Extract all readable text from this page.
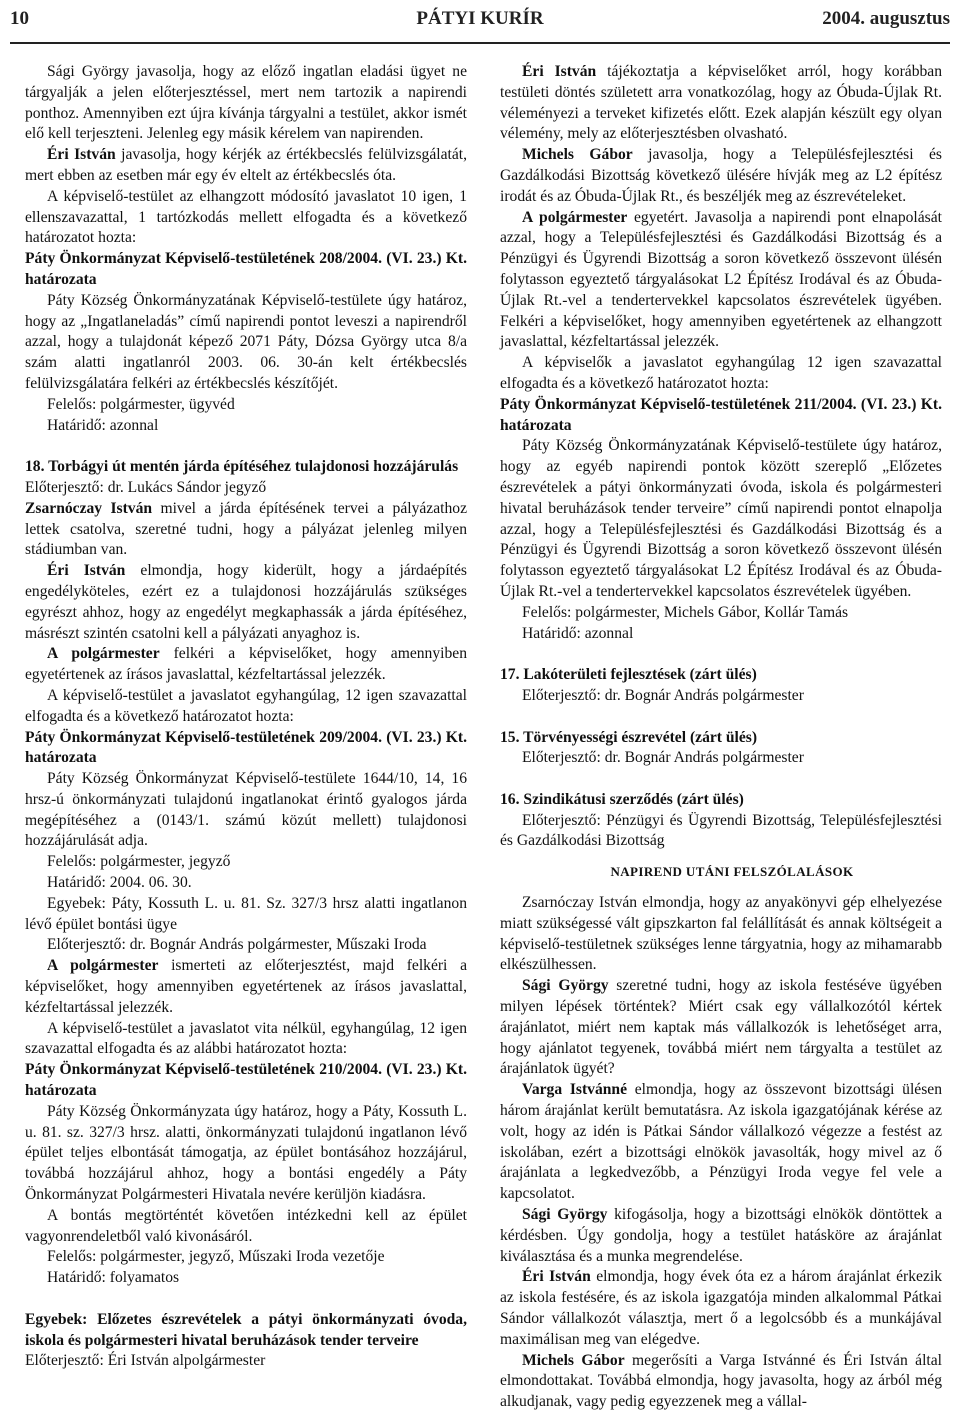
10	PÁTYI KURÍR	2004. augusztus

Sági György javasolja, hogy az előző ingatlan eladási ügyet ne tárgyalják a jelen előterjesztéssel, mert nem tartozik a napirendi ponthoz. Amennyiben ezt újra kívánja tárgyalni a testület, akkor ismét elő kell terjeszteni. Jelenleg egy másik kérelem van napirenden.

Éri István javasolja, hogy kérjék az értékbecslés felülvizsgálatát, mert ebben az esetben már egy év eltelt az értékbecslés óta.

A képviselő-testület az elhangzott módosító javaslatot 10 igen, 1 ellenszavazattal, 1 tartózkodás mellett elfogadta és a következő határozatot hozta:

Páty Önkormányzat Képviselő-testületének 208/2004. (VI. 23.) Kt. határozata

Páty Község Önkormányzatának Képviselő-testülete úgy határoz, hogy az „Ingatlaneladás” című napirendi pontot leveszi a napirendről azzal, hogy a tulajdonát képező 2071 Páty, Dózsa György utca 8/a szám alatti ingatlanról 2003. 06. 30-án kelt értékbecslés felülvizsgálatára felkéri az értékbecslés készítőjét.

Felelős: polgármester, ügyvéd

Határidő: azonnal

18. Torbágyi út mentén járda építéséhez tulajdonosi hozzájárulás

Előterjesztő: dr. Lukács Sándor jegyző

Zsarnóczay István mivel a járda építésének tervei a pályázathoz lettek csatolva, szeretné tudni, hogy a pályázat jelenleg milyen stádiumban van.

Éri István elmondja, hogy kiderült, hogy a járdaépítés engedélyköteles, ezért ez a tulajdonosi hozzájárulás szükséges egyrészt ahhoz, hogy az engedélyt megkaphassák a járda építéséhez, másrészt szintén csatolni kell a pályázati anyaghoz is.

A polgármester felkéri a képviselőket, hogy amennyiben egyetértenek az írásos javaslattal, kézfeltartással jelezzék.

A képviselő-testület a javaslatot egyhangúlag, 12 igen szavazattal elfogadta és a következő határozatot hozta:

Páty Önkormányzat Képviselő-testületének 209/2004. (VI. 23.) Kt. határozata

Páty Község Önkormányzat Képviselő-testülete 1644/10, 14, 16 hrsz-ú önkormányzati tulajdonú ingatlanokat érintő gyalogos járda megépítéséhez a (0143/1. számú közút mellett) tulajdonosi hozzájárulását adja.

Felelős: polgármester, jegyző

Határidő: 2004. 06. 30.

Egyebek: Páty, Kossuth L. u. 81. Sz. 327/3 hrsz alatti ingatlanon lévő épület bontási ügye

Előterjesztő: dr. Bognár András polgármester, Műszaki Iroda

A polgármester ismerteti az előterjesztést, majd felkéri a képviselőket, hogy amennyiben egyetértenek az írásos javaslattal, kézfeltartással jelezzék.

A képviselő-testület a javaslatot vita nélkül, egyhangúlag, 12 igen szavazattal elfogadta és az alábbi határozatot hozta:

Páty Önkormányzat Képviselő-testületének 210/2004. (VI. 23.) Kt. határozata

Páty Község Önkormányzata úgy határoz, hogy a Páty, Kossuth L. u. 81. sz. 327/3 hrsz. alatti, önkormányzati tulajdonú ingatlanon lévő épület teljes elbontását támogatja, az épület bontásához hozzájárul, továbbá hozzájárul ahhoz, hogy a bontási engedély a Páty Önkormányzat Polgármesteri Hivatala nevére kerüljön kiadásra.

A bontás megtörténtét követően intézkedni kell az épület vagyonrendeletből való kivonásáról.

Felelős: polgármester, jegyző, Műszaki Iroda vezetője

Határidő: folyamatos

Egyebek: Előzetes észrevételek a pátyi önkormányzati óvoda, iskola és polgármesteri hivatal beruházások tender terveire

Előterjesztő: Éri István alpolgármester

Éri István tájékoztatja a képviselőket arról, hogy korábban testületi döntés született arra vonatkozólag, hogy az Óbuda-Újlak Rt. véleményezi a terveket kifizetés előtt. Ezek alapján készült egy olyan vélemény, mely az előterjesztésben olvasható.

Michels Gábor javasolja, hogy a Településfejlesztési és Gazdálkodási Bizottság következő ülésére hívják meg az L2 építész irodát és az Óbuda-Újlak Rt., és beszéljék meg az észrevételeket.

A polgármester egyetért. Javasolja a napirendi pont elnapolását azzal, hogy a Településfejlesztési és Gazdálkodási Bizottság és a Pénzügyi és Ügyrendi Bizottság a soron következő összevont ülésén folytasson egyeztető tárgyalásokat L2 Építész Irodával és az Óbuda-Újlak Rt.-vel a tendertervekkel kapcsolatos észrevételek ügyében. Felkéri a képviselőket, hogy amennyiben egyetértenek az elhangzott javaslattal, kézfeltartással jelezzék.

A képviselők a javaslatot egyhangúlag 12 igen szavazattal elfogadta és a következő határozatot hozta:

Páty Önkormányzat Képviselő-testületének 211/2004. (VI. 23.) Kt. határozata

Páty Község Önkormányzatának Képviselő-testülete úgy határoz, hogy az egyéb napirendi pontok között szereplő „Előzetes észrevételek a pátyi önkormányzati óvoda, iskola és polgármesteri hivatal beruházások tender terveire” című napirendi pontot elnapolja azzal, hogy a Településfejlesztési és Gazdálkodási Bizottság és a Pénzügyi és Ügyrendi Bizottság a soron következő összevont ülésén folytasson egyeztető tárgyalásokat L2 Építész Irodával és az Óbuda-Újlak Rt.-vel a tendertervekkel kapcsolatos észrevételek ügyében.

Felelős: polgármester, Michels Gábor, Kollár Tamás

Határidő: azonnal

17. Lakóterületi fejlesztések (zárt ülés)

Előterjesztő: dr. Bognár András polgármester

15. Törvényességi észrevétel (zárt ülés)

Előterjesztő: dr. Bognár András polgármester

16. Szindikátusi szerződés (zárt ülés)

Előterjesztő: Pénzügyi és Ügyrendi Bizottság, Településfejlesztési és Gazdálkodási Bizottság

NAPIREND UTÁNI FELSZÓLALÁSOK

Zsarnóczay István elmondja, hogy az anyakönyvi gép elhelyezése miatt szükségessé vált gipszkarton fal felállítását és annak költségeit a képviselő-testületnek szükséges lenne tárgyatnia, hogy az mihamarabb elkészülhessen.

Sági György szeretné tudni, hogy az iskola festéséve ügyében milyen lépések történtek? Miért csak egy vállalkozótól kértek árajánlatot, miért nem kaptak más vállalkozók is lehetőséget arra, hogy ajánlatot tegyenek, továbbá miért nem tárgyalta a testület az árajánlatok ügyét?

Varga Istvánné elmondja, hogy az összevont bizottsági ülésen három árajánlat került bemutatásra. Az iskola igazgatójának kérése az volt, hogy az idén is Pátkai Sándor vállalkozó végezze a festést az iskolában, ezért a bizottsági elnökök javasolták, hogy mivel az ő árajánlata a legkedvezőbb, a Pénzügyi Iroda vegye fel vele a kapcsolatot.

Sági György kifogásolja, hogy a bizottsági elnökök döntöttek a kérdésben. Úgy gondolja, hogy a testület hatásköre az árajánlat kiválasztása és a munka megrendelése.

Éri István elmondja, hogy évek óta ez a három árajánlat érkezik az iskola festésére, és az iskola igazgatója minden alkalommal Pátkai Sándor vállalkozót választja, mert ő a legolcsóbb és a munkájával maximálisan meg van elégedve.

Michels Gábor megerősíti a Varga Istvánné és Éri István által elmondottakat. Továbbá elmondja, hogy javasolta, hogy az árból még alkudjanak, vagy pedig egyezzenek meg a vállal-
